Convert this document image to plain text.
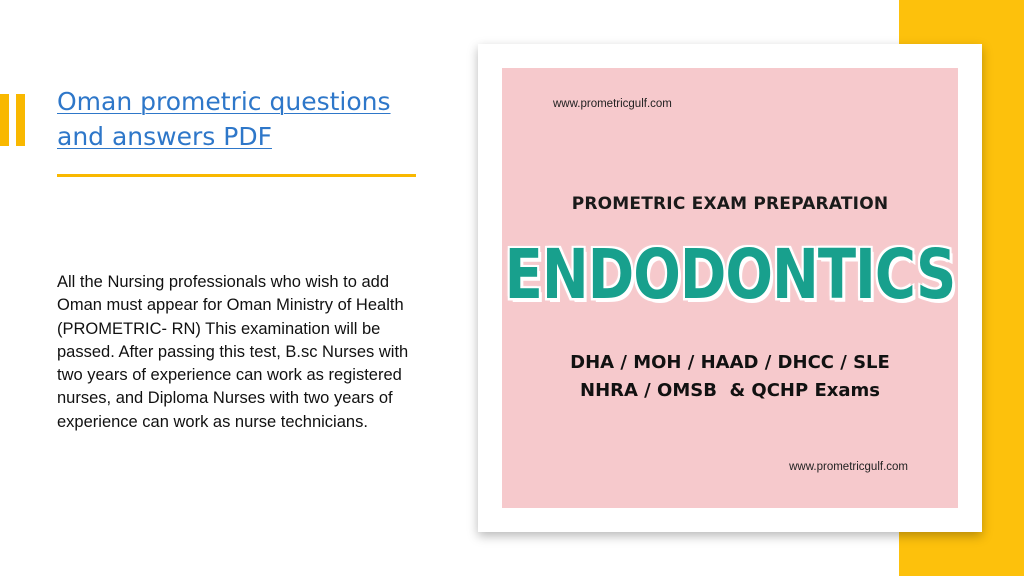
Oman prometric questions and answers PDF
All the Nursing professionals who wish to add Oman must appear for Oman Ministry of Health (PROMETRIC- RN) This examination will be passed. After passing this test, B.sc Nurses with two years of experience can work as registered nurses, and Diploma Nurses with two years of experience can work as nurse technicians.
www.prometricgulf.com
PROMETRIC EXAM PREPARATION
ENDODONTICS
DHA / MOH / HAAD / DHCC / SLE
NHRA / OMSB  & QCHP Exams
www.prometricgulf.com
